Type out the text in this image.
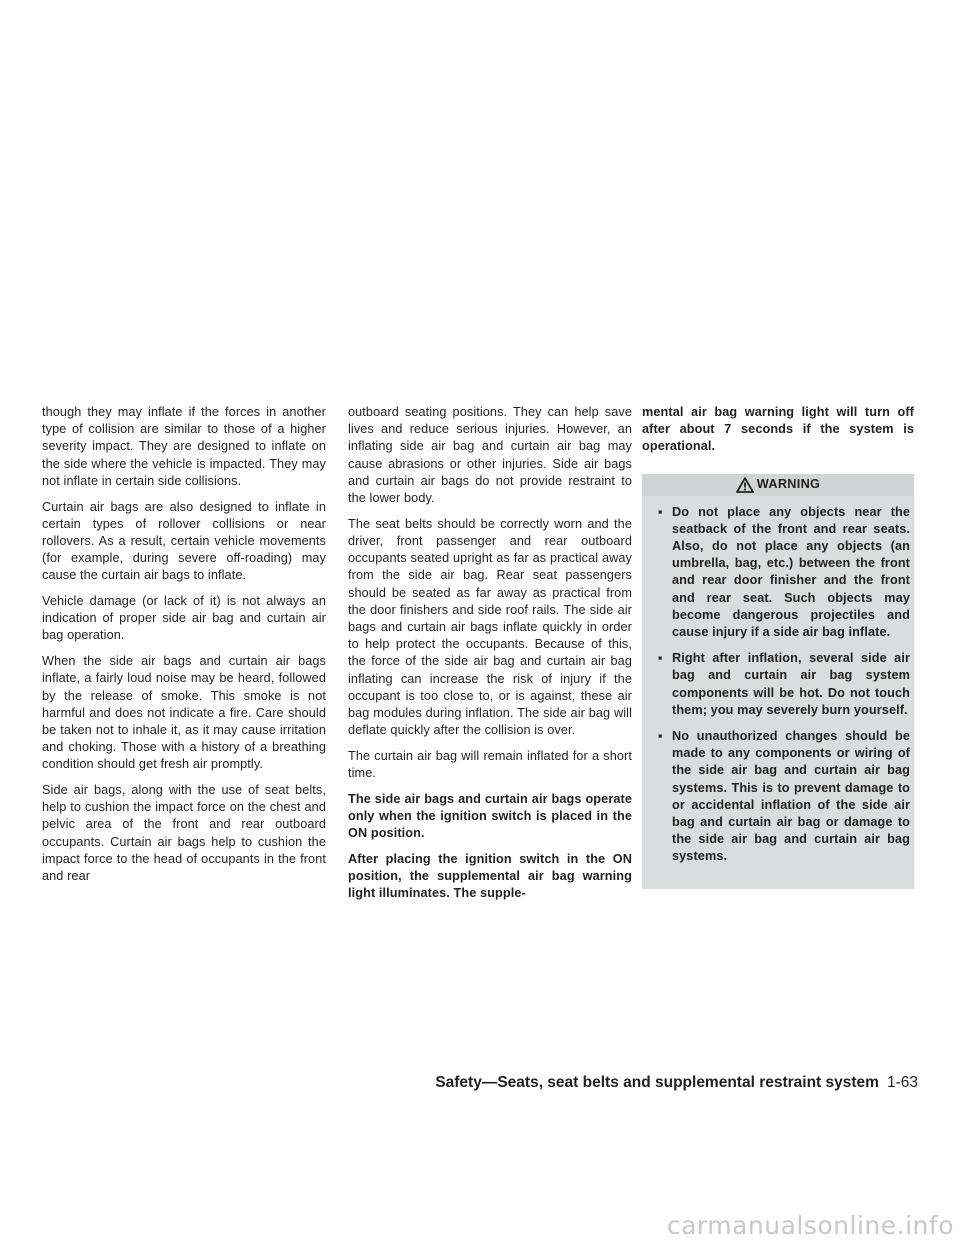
though they may inflate if the forces in another type of collision are similar to those of a higher severity impact. They are designed to inflate on the side where the vehicle is impacted. They may not inflate in certain side collisions.

Curtain air bags are also designed to inflate in certain types of rollover collisions or near rollovers. As a result, certain vehicle movements (for example, during severe off-roading) may cause the curtain air bags to inflate.

Vehicle damage (or lack of it) is not always an indication of proper side air bag and curtain air bag operation.

When the side air bags and curtain air bags inflate, a fairly loud noise may be heard, followed by the release of smoke. This smoke is not harmful and does not indicate a fire. Care should be taken not to inhale it, as it may cause irritation and choking. Those with a history of a breathing condition should get fresh air promptly.

Side air bags, along with the use of seat belts, help to cushion the impact force on the chest and pelvic area of the front and rear outboard occupants. Curtain air bags help to cushion the impact force to the head of occupants in the front and rear

outboard seating positions. They can help save lives and reduce serious injuries. However, an inflating side air bag and curtain air bag may cause abrasions or other injuries. Side air bags and curtain air bags do not provide restraint to the lower body.

The seat belts should be correctly worn and the driver, front passenger and rear outboard occupants seated upright as far as practical away from the side air bag. Rear seat passengers should be seated as far away as practical from the door finishers and side roof rails. The side air bags and curtain air bags inflate quickly in order to help protect the occupants. Because of this, the force of the side air bag and curtain air bag inflating can increase the risk of injury if the occupant is too close to, or is against, these air bag modules during inflation. The side air bag will deflate quickly after the collision is over.

The curtain air bag will remain inflated for a short time.

The side air bags and curtain air bags operate only when the ignition switch is placed in the ON position.

After placing the ignition switch in the ON position, the supplemental air bag warning light illuminates. The supple-

mental air bag warning light will turn off after about 7 seconds if the system is operational.

WARNING
▪ Do not place any objects near the seatback of the front and rear seats. Also, do not place any objects (an umbrella, bag, etc.) between the front and rear door finisher and the front and rear seat. Such objects may become dangerous projectiles and cause injury if a side air bag inflate.
▪ Right after inflation, several side air bag and curtain air bag system components will be hot. Do not touch them; you may severely burn yourself.
▪ No unauthorized changes should be made to any components or wiring of the side air bag and curtain air bag systems. This is to prevent damage to or accidental inflation of the side air bag and curtain air bag or damage to the side air bag and curtain air bag systems.
Safety—Seats, seat belts and supplemental restraint system 1-63
carmanualsonline.info
